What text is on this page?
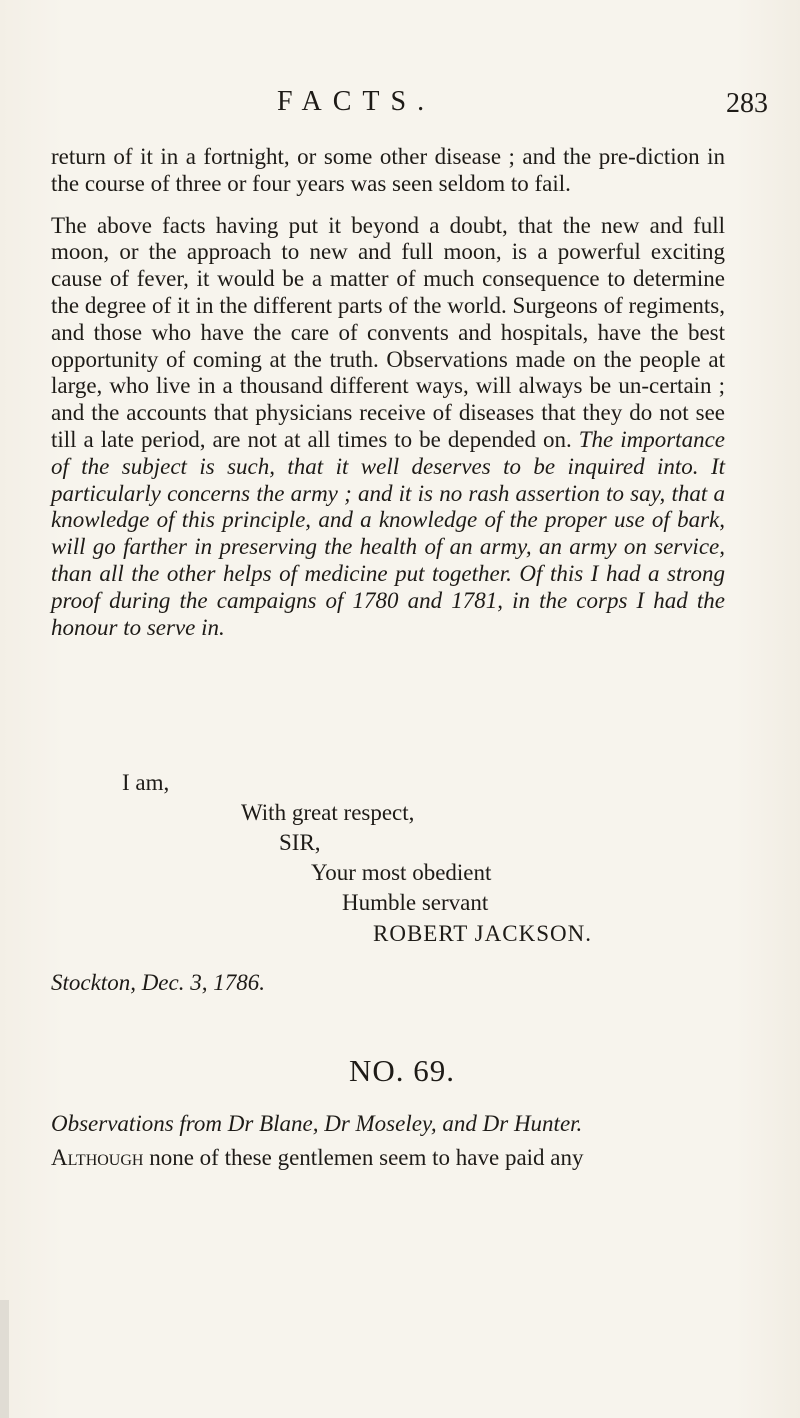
FACTS.	283

return of it in a fortnight, or some other disease ; and the pre-diction in the course of three or four years was seen seldom to fail.

The above facts having put it beyond a doubt, that the new and full moon, or the approach to new and full moon, is a powerful exciting cause of fever, it would be a matter of much consequence to determine the degree of it in the different parts of the world. Surgeons of regiments, and those who have the care of convents and hospitals, have the best opportunity of coming at the truth. Observations made on the people at large, who live in a thousand different ways, will always be un-certain ; and the accounts that physicians receive of diseases that they do not see till a late period, are not at all times to be depended on. The importance of the subject is such, that it well deserves to be inquired into. It particularly concerns the army ; and it is no rash assertion to say, that a knowledge of this principle, and a knowledge of the proper use of bark, will go farther in preserving the health of an army, an army on service, than all the other helps of medicine put together. Of this I had a strong proof during the campaigns of 1780 and 1781, in the corps I had the honour to serve in.

I am,
With great respect,
SIR,
Your most obedient
Humble servant
ROBERT JACKSON.
Stockton, Dec. 3, 1786.
NO. 69.
Observations from Dr Blane, Dr Moseley, and Dr Hunter.
Although none of these gentlemen seem to have paid any
